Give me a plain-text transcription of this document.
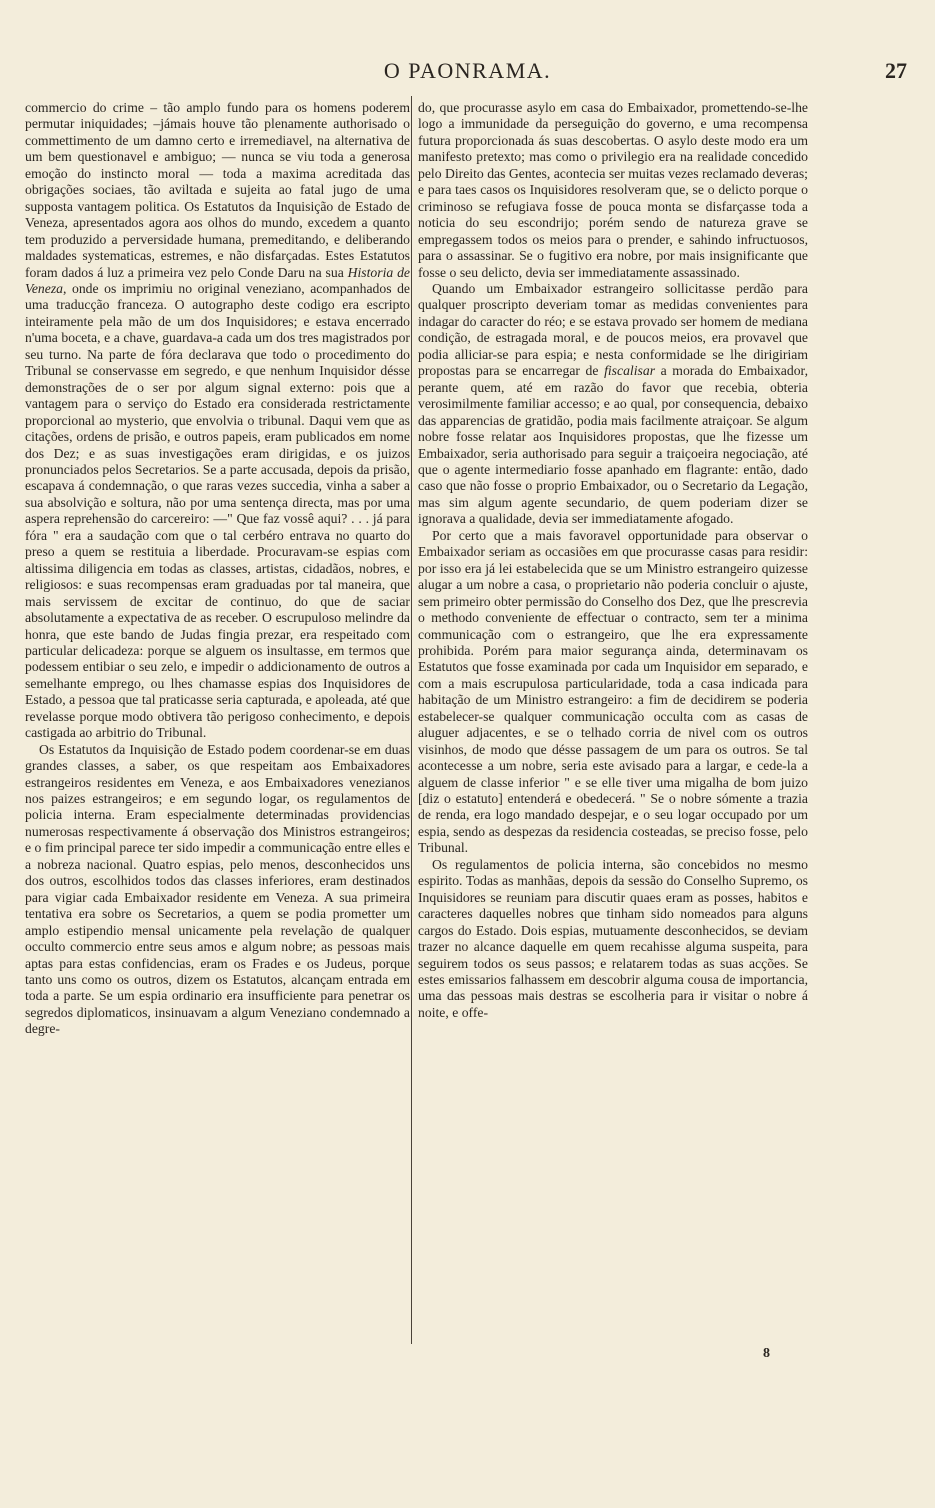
O PAONRAMA.	27

commercio do crime – tão amplo fundo para os homens poderem permutar iniquidades; –jámais houve tão plenamente authorisado o commettimento de um damno certo e irremediavel, na alternativa de um bem questionavel e ambiguo; — nunca se viu toda a generosa emoção do instincto moral — toda a maxima acreditada das obrigações sociaes, tão aviltada e sujeita ao fatal jugo de uma supposta vantagem politica. Os Estatutos da Inquisição de Estado de Veneza, apresentados agora aos olhos do mundo, excedem a quanto tem produzido a perversidade humana, premeditando, e deliberando maldades systematicas, estremes, e não disfarçadas. Estes Estatutos foram dados á luz a primeira vez pelo Conde Daru na sua Historia de Veneza, onde os imprimiu no original veneziano, acompanhados de uma traducção franceza. O autographo deste codigo era escripto inteiramente pela mão de um dos Inquisidores; e estava encerrado n'uma boceta, e a chave, guardava-a cada um dos tres magistrados por seu turno. Na parte de fóra declarava que todo o procedimento do Tribunal se conservasse em segredo, e que nenhum Inquisidor désse demonstrações de o ser por algum signal externo: pois que a vantagem para o serviço do Estado era considerada restrictamente proporcional ao mysterio, que envolvia o tribunal. Daqui vem que as citações, ordens de prisão, e outros papeis, eram publicados em nome dos Dez; e as suas investigações eram dirigidas, e os juizos pronunciados pelos Secretarios. Se a parte accusada, depois da prisão, escapava á condemnação, o que raras vezes succedia, vinha a saber a sua absolvição e soltura, não por uma sentença directa, mas por uma aspera reprehensão do carcereiro: —" Que faz vossê aqui? . . . já para fóra " era a saudação com que o tal cerbéro entrava no quarto do preso a quem se restituia a liberdade. Procuravam-se espias com altissima diligencia em todas as classes, artistas, cidadãos, nobres, e religiosos: e suas recompensas eram graduadas por tal maneira, que mais servissem de excitar de continuo, do que de saciar absolutamente a expectativa de as receber. O escrupuloso melindre da honra, que este bando de Judas fingia prezar, era respeitado com particular delicadeza: porque se alguem os insultasse, em termos que podessem entibiar o seu zelo, e impedir o addicionamento de outros a semelhante emprego, ou lhes chamasse espias dos Inquisidores de Estado, a pessoa que tal praticasse seria capturada, e apoleada, até que revelasse porque modo obtivera tão perigoso conhecimento, e depois castigada ao arbitrio do Tribunal.

Os Estatutos da Inquisição de Estado podem coordenar-se em duas grandes classes, a saber, os que respeitam aos Embaixadores estrangeiros residentes em Veneza, e aos Embaixadores venezianos nos paizes estrangeiros; e em segundo logar, os regulamentos de policia interna. Eram especialmente determinadas providencias numerosas respectivamente á observação dos Ministros estrangeiros; e o fim principal parece ter sido impedir a communicação entre elles e a nobreza nacional. Quatro espias, pelo menos, desconhecidos uns dos outros, escolhidos todos das classes inferiores, eram destinados para vigiar cada Embaixador residente em Veneza. A sua primeira tentativa era sobre os Secretarios, a quem se podia prometter um amplo estipendio mensal unicamente pela revelação de qualquer occulto commercio entre seus amos e algum nobre; as pessoas mais aptas para estas confidencias, eram os Frades e os Judeus, porque tanto uns como os outros, dizem os Estatutos, alcançam entrada em toda a parte. Se um espia ordinario era insufficiente para penetrar os segredos diplomaticos, insinuavam a algum Veneziano condemnado a degre-

do, que procurasse asylo em casa do Embaixador, promettendo-se-lhe logo a immunidade da perseguição do governo, e uma recompensa futura proporcionada ás suas descobertas. O asylo deste modo era um manifesto pretexto; mas como o privilegio era na realidade concedido pelo Direito das Gentes, acontecia ser muitas vezes reclamado deveras; e para taes casos os Inquisidores resolveram que, se o delicto porque o criminoso se refugiava fosse de pouca monta se disfarçasse toda a noticia do seu escondrijo; porém sendo de natureza grave se empregassem todos os meios para o prender, e sahindo infructuosos, para o assassinar. Se o fugitivo era nobre, por mais insignificante que fosse o seu delicto, devia ser immediatamente assassinado.

Quando um Embaixador estrangeiro sollicitasse perdão para qualquer proscripto deveriam tomar as medidas convenientes para indagar do caracter do réo; e se estava provado ser homem de mediana condição, de estragada moral, e de poucos meios, era provavel que podia alliciar-se para espia; e nesta conformidade se lhe dirigiriam propostas para se encarregar de fiscalisar a morada do Embaixador, perante quem, até em razão do favor que recebia, obteria verosimilmente familiar accesso; e ao qual, por consequencia, debaixo das apparencias de gratidão, podia mais facilmente atraiçoar. Se algum nobre fosse relatar aos Inquisidores propostas, que lhe fizesse um Embaixador, seria authorisado para seguir a traiçoeira negociação, até que o agente intermediario fosse apanhado em flagrante: então, dado caso que não fosse o proprio Embaixador, ou o Secretario da Legação, mas sim algum agente secundario, de quem poderiam dizer se ignorava a qualidade, devia ser immediatamente afogado.

Por certo que a mais favoravel opportunidade para observar o Embaixador seriam as occasiões em que procurasse casas para residir: por isso era já lei estabelecida que se um Ministro estrangeiro quizesse alugar a um nobre a casa, o proprietario não poderia concluir o ajuste, sem primeiro obter permissão do Conselho dos Dez, que lhe prescrevia o methodo conveniente de effectuar o contracto, sem ter a minima communicação com o estrangeiro, que lhe era expressamente prohibida. Porém para maior segurança ainda, determinavam os Estatutos que fosse examinada por cada um Inquisidor em separado, e com a mais escrupulosa particularidade, toda a casa indicada para habitação de um Ministro estrangeiro: a fim de decidirem se poderia estabelecer-se qualquer communicação occulta com as casas de aluguer adjacentes, e se o telhado corria de nivel com os outros visinhos, de modo que désse passagem de um para os outros. Se tal acontecesse a um nobre, seria este avisado para a largar, e cede-la a alguem de classe inferior " e se elle tiver uma migalha de bom juizo [diz o estatuto] entenderá e obedecerá. " Se o nobre sómente a trazia de renda, era logo mandado despejar, e o seu logar occupado por um espia, sendo as despezas da residencia costeadas, se preciso fosse, pelo Tribunal.

Os regulamentos de policia interna, são concebidos no mesmo espirito. Todas as manhãas, depois da sessão do Conselho Supremo, os Inquisidores se reuniam para discutir quaes eram as posses, habitos e caracteres daquelles nobres que tinham sido nomeados para alguns cargos do Estado. Dois espias, mutuamente desconhecidos, se deviam trazer no alcance daquelle em quem recahisse alguma suspeita, para seguirem todos os seus passos; e relatarem todas as suas acções. Se estes emissarios falhassem em descobrir alguma cousa de importancia, uma das pessoas mais destras se escolheria para ir visitar o nobre á noite, e offe-

8
